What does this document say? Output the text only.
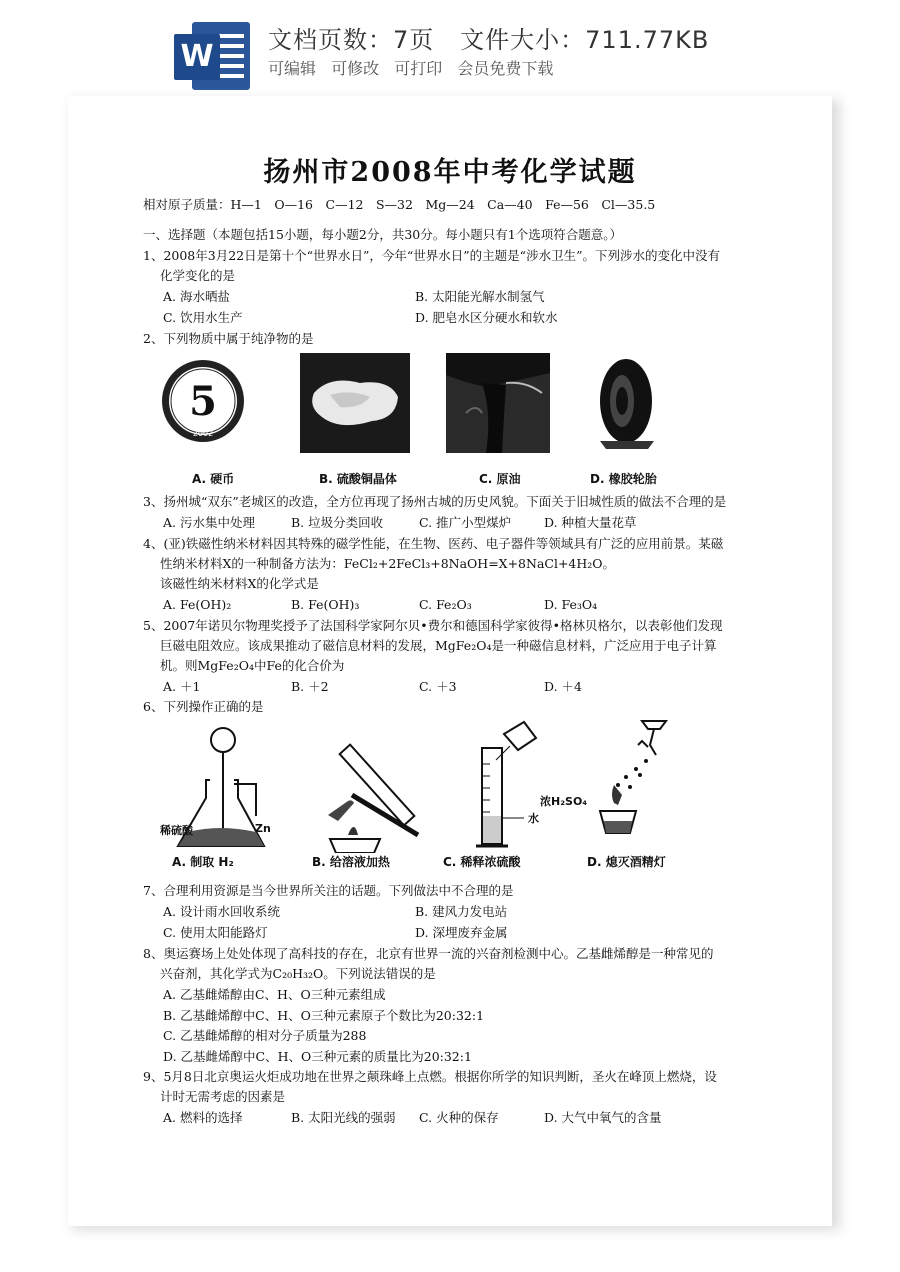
W 文档页数：7页   文件大小：711.77KB
可编辑 可修改 可打印 会员免费下载
扬州市2008年中考化学试题
相对原子质量：H—1　O—16　C—12　S—32　Mg—24　Ca—40　Fe—56　Cl—35.5
一、选择题（本题包括15小题，每小题2分，共30分。每小题只有1个选项符合题意。）
1、2008年3月22日是第十个“世界水日”，今年“世界水日”的主题是“涉水卫生”。下列涉水的变化中没有
化学变化的是
A. 海水晒盐	B. 太阳能光解水制氢气
C. 饮用水生产	D. 肥皂水区分硬水和软水
2、下列物质中属于纯净物的是
5
2002
A. 硬币	B. 硫酸铜晶体	C. 原油	D. 橡胶轮胎
3、扬州城“双东”老城区的改造，全方位再现了扬州古城的历史风貌。下面关于旧城性质的做法不合理的是
A. 污水集中处理	B. 垃圾分类回收	C. 推广小型煤炉	D. 种植大量花草
4、(亚)铁磁性纳米材料因其特殊的磁学性能，在生物、医药、电子器件等领域具有广泛的应用前景。某磁
性纳米材料X的一种制备方法为：FeCl₂+2FeCl₃+8NaOH=X+8NaCl+4H₂O。
该磁性纳米材料X的化学式是
A. Fe(OH)₂	B. Fe(OH)₃	C. Fe₂O₃	D. Fe₃O₄
5、2007年诺贝尔物理奖授予了法国科学家阿尔贝•费尔和德国科学家彼得•格林贝格尔，以表彰他们发现
巨磁电阻效应。该成果推动了磁信息材料的发展，MgFe₂O₄是一种磁信息材料，广泛应用于电子计算
机。则MgFe₂O₄中Fe的化合价为
A. ＋1	B. ＋2	C. ＋3	D. ＋4
6、下列操作正确的是
稀硫酸	Zn
浓H₂SO₄
水
A. 制取 H₂	B. 给溶液加热	C. 稀释浓硫酸	D. 熄灭酒精灯
7、合理利用资源是当今世界所关注的话题。下列做法中不合理的是
A. 设计雨水回收系统	B. 建风力发电站
C. 使用太阳能路灯	D. 深埋废弃金属
8、奥运赛场上处处体现了高科技的存在，北京有世界一流的兴奋剂检测中心。乙基雌烯醇是一种常见的
兴奋剂，其化学式为C₂₀H₃₂O。下列说法错误的是
A. 乙基雌烯醇由C、H、O三种元素组成
B. 乙基雌烯醇中C、H、O三种元素原子个数比为20:32:1
C. 乙基雌烯醇的相对分子质量为288
D. 乙基雌烯醇中C、H、O三种元素的质量比为20:32:1
9、5月8日北京奥运火炬成功地在世界之颠珠峰上点燃。根据你所学的知识判断，圣火在峰顶上燃烧，设
计时无需考虑的因素是
A. 燃料的选择	B. 太阳光线的强弱 C. 火种的保存	D. 大气中氧气的含量
